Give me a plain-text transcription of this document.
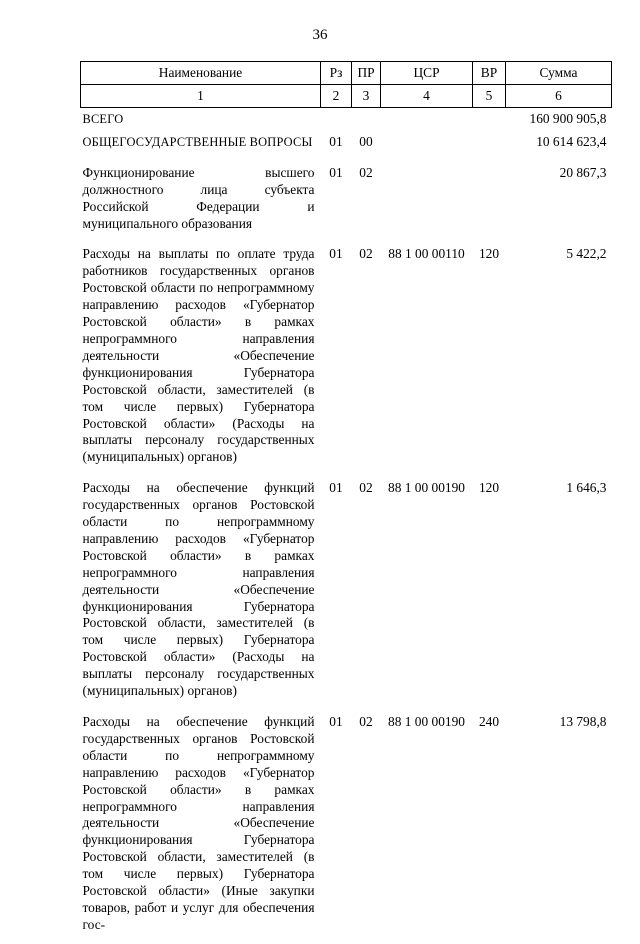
36
Наименование	Рз	ПР	ЦСР	ВР	Сумма
1	2	3	4	5	6
ВСЕГО					160 900 905,8
ОБЩЕГОСУДАРСТВЕННЫЕ ВОПРОСЫ	01	00			10 614 623,4
Функционирование высшего должностного лица субъекта Российской Федерации и муниципального образования	01	02			20 867,3
Расходы на выплаты по оплате труда работников государственных органов Ростовской области по непрограммному направлению расходов «Губернатор Ростовской области» в рамках непрограммного направления деятельности «Обеспечение функционирования Губернатора Ростовской области, заместителей (в том числе первых) Губернатора Ростовской области» (Расходы на выплаты персоналу государственных (муниципальных) органов)	01	02	88 1 00 00110	120	5 422,2
Расходы на обеспечение функций государственных органов Ростовской области по непрограммному направлению расходов «Губернатор Ростовской области» в рамках непрограммного направления деятельности «Обеспечение функционирования Губернатора Ростовской области, заместителей (в том числе первых) Губернатора Ростовской области» (Расходы на выплаты персоналу государственных (муниципальных) органов)	01	02	88 1 00 00190	120	1 646,3
Расходы на обеспечение функций государственных органов Ростовской области по непрограммному направлению расходов «Губернатор Ростовской области» в рамках непрограммного направления деятельности «Обеспечение функционирования Губернатора Ростовской области, заместителей (в том числе первых) Губернатора Ростовской области» (Иные закупки товаров, работ и услуг для обеспечения гос-	01	02	88 1 00 00190	240	13 798,8
